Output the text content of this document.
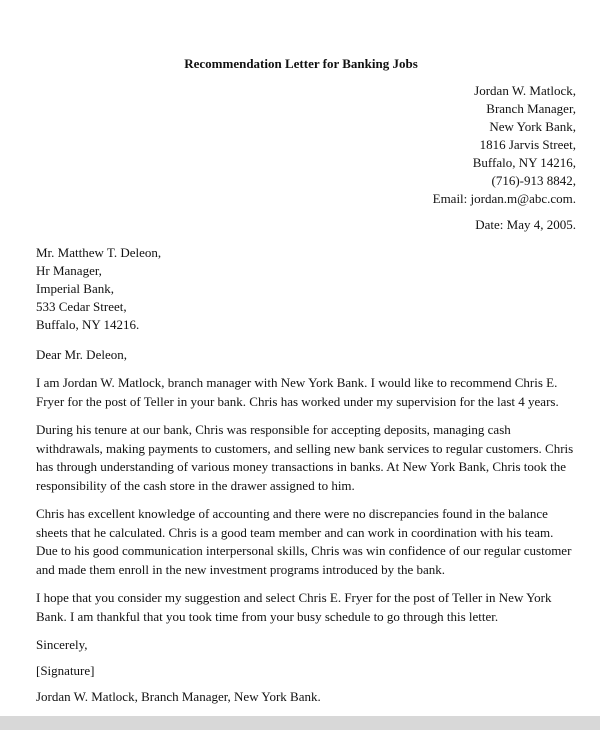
Recommendation Letter for Banking Jobs
Jordan W. Matlock,
Branch Manager,
New York Bank,
1816 Jarvis Street,
Buffalo, NY 14216,
(716)-913 8842,
Email: jordan.m@abc.com.
Date: May 4, 2005.
Mr. Matthew T. Deleon,
Hr Manager,
Imperial Bank,
533 Cedar Street,
Buffalo, NY 14216.
Dear Mr. Deleon,
I am Jordan W. Matlock, branch manager with New York Bank. I would like to recommend Chris E. Fryer for the post of Teller in your bank. Chris has worked under my supervision for the last 4 years.
During his tenure at our bank, Chris was responsible for accepting deposits, managing cash withdrawals, making payments to customers, and selling new bank services to regular customers. Chris has through understanding of various money transactions in banks. At New York Bank, Chris took the responsibility of the cash store in the drawer assigned to him.
Chris has excellent knowledge of accounting and there were no discrepancies found in the balance sheets that he calculated. Chris is a good team member and can work in coordination with his team. Due to his good communication interpersonal skills, Chris was win confidence of our regular customer and made them enroll in the new investment programs introduced by the bank.
I hope that you consider my suggestion and select Chris E. Fryer for the post of Teller in New York Bank. I am thankful that you took time from your busy schedule to go through this letter.
Sincerely,
[Signature]
Jordan W. Matlock, Branch Manager, New York Bank.
